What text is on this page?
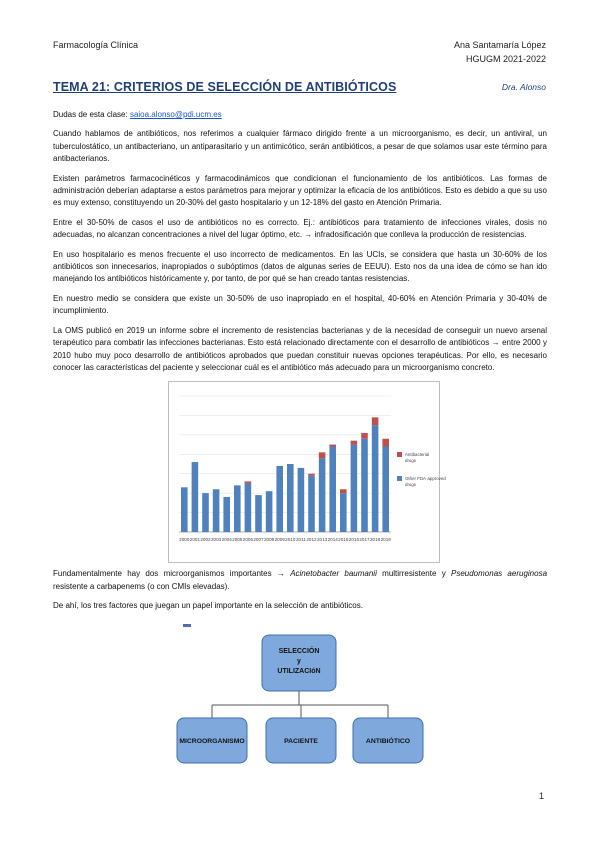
Farmacología Clínica	Ana Santamaría López
HGUGM 2021-2022
TEMA 21: CRITERIOS DE SELECCIÓN DE ANTIBIÓTICOS	Dra. Alonso

Dudas de esta clase: saioa.alonso@pdi.ucm.es

Cuando hablamos de antibióticos, nos referimos a cualquier fármaco dirigido frente a un microorganismo, es decir, un antiviral, un tuberculostático, un antibacteriano, un antiparasitario y un antimicótico, serán antibióticos, a pesar de que solamos usar este término para antibacterianos.

Existen parámetros farmacocinéticos y farmacodinámicos que condicionan el funcionamiento de los antibióticos. Las formas de administración deberían adaptarse a estos parámetros para mejorar y optimizar la eficacia de los antibióticos. Esto es debido a que su uso es muy extenso, constituyendo un 20-30% del gasto hospitalario y un 12-18% del gasto en Atención Primaria.

Entre el 30-50% de casos el uso de antibióticos no es correcto. Ej.: antibióticos para tratamiento de infecciones virales, dosis no adecuadas, no alcanzan concentraciones a nivel del lugar óptimo, etc. → infradosificación que conlleva la producción de resistencias.

En uso hospitalario es menos frecuente el uso incorrecto de medicamentos. En las UCIs, se considera que hasta un 30-60% de los antibióticos son innecesarios, inapropiados o subóptimos (datos de algunas series de EEUU). Esto nos da una idea de cómo se han ido manejando los antibióticos históricamente y, por tanto, de por qué se han creado tantas resistencias.

En nuestro medio se considera que existe un 30-50% de uso inapropiado en el hospital, 40-60% en Atención Primaria y 30-40% de incumplimiento.

La OMS publicó en 2019 un informe sobre el incremento de resistencias bacterianas y de la necesidad de conseguir un nuevo arsenal terapéutico para combatir las infecciones bacterianas. Esto está relacionado directamente con el desarrollo de antibióticos → entre 2000 y 2010 hubo muy poco desarrollo de antibióticos aprobados que puedan constituir nuevas opciones terapéuticas. Por ello, es necesario conocer las características del paciente y seleccionar cuál es el antibiótico más adecuado para un microorganismo concreto.

2000 2001 2002 2003 2004 2005 2006 2007 2008 2009 2010 2011 2012 2013 2014 2015 2016 2017 2018 2019
Antibacterial
drugs
Other FDA-approved
drugs

Fundamentalmente hay dos microorganismos importantes → Acinetobacter baumanii multirresistente y Pseudomonas aeruginosa resistente a carbapenems (o con CMIs elevadas).

De ahí, los tres factores que juegan un papel importante en la selección de antibióticos.

SELECCIÓN
y
UTILIZACIóN
MICROORGANISMO	PACIENTE	ANTIBIÓTICO
1
